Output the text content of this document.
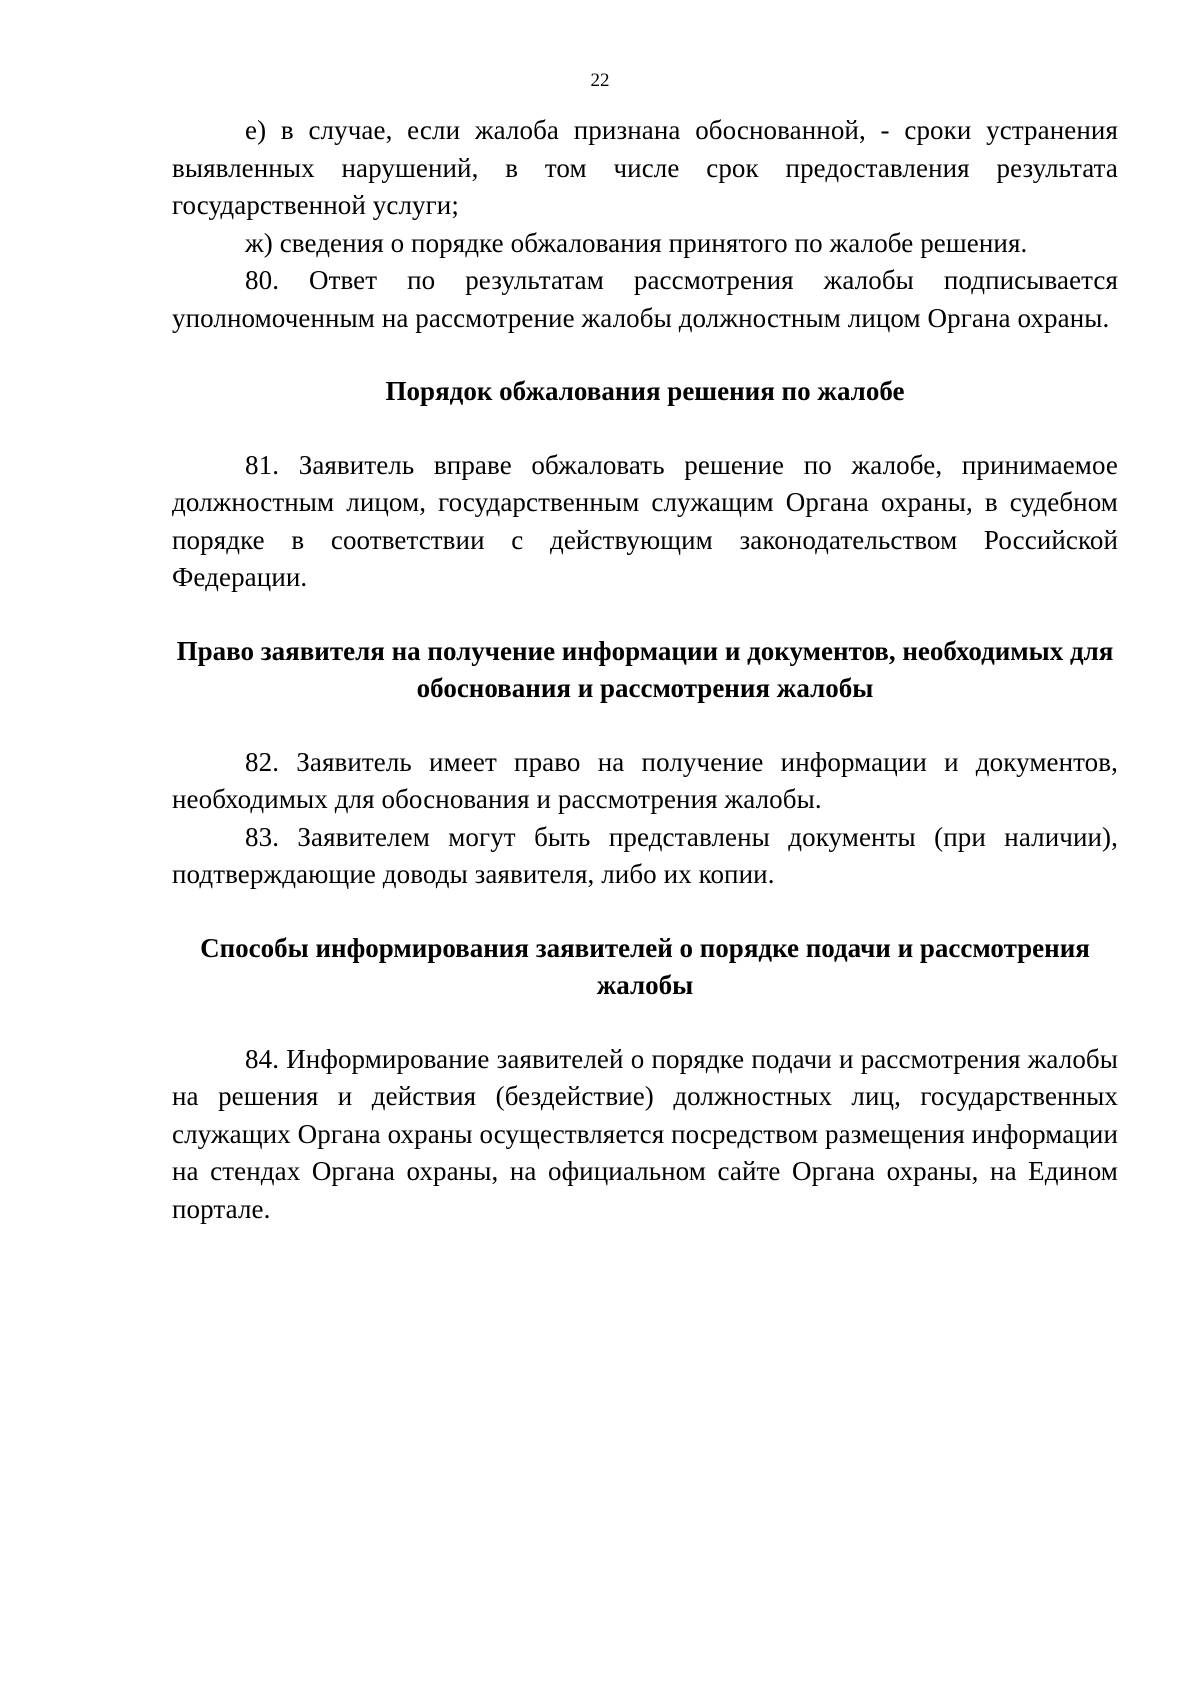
22

е) в случае, если жалоба признана обоснованной, - сроки устранения выявленных нарушений, в том числе срок предоставления результата государственной услуги;

ж) сведения о порядке обжалования принятого по жалобе решения.

80. Ответ по результатам рассмотрения жалобы подписывается уполномоченным на рассмотрение жалобы должностным лицом Органа охраны.

Порядок обжалования решения по жалобе

81. Заявитель вправе обжаловать решение по жалобе, принимаемое должностным лицом, государственным служащим Органа охраны, в судебном порядке в соответствии с действующим законодательством Российской Федерации.

Право заявителя на получение информации и документов, необходимых для обоснования и рассмотрения жалобы

82. Заявитель имеет право на получение информации и документов, необходимых для обоснования и рассмотрения жалобы.

83. Заявителем могут быть представлены документы (при наличии), подтверждающие доводы заявителя, либо их копии.

Способы информирования заявителей о порядке подачи и рассмотрения жалобы

84. Информирование заявителей о порядке подачи и рассмотрения жалобы на решения и действия (бездействие) должностных лиц, государственных служащих Органа охраны осуществляется посредством размещения информации на стендах Органа охраны, на официальном сайте Органа охраны, на Едином портале.
